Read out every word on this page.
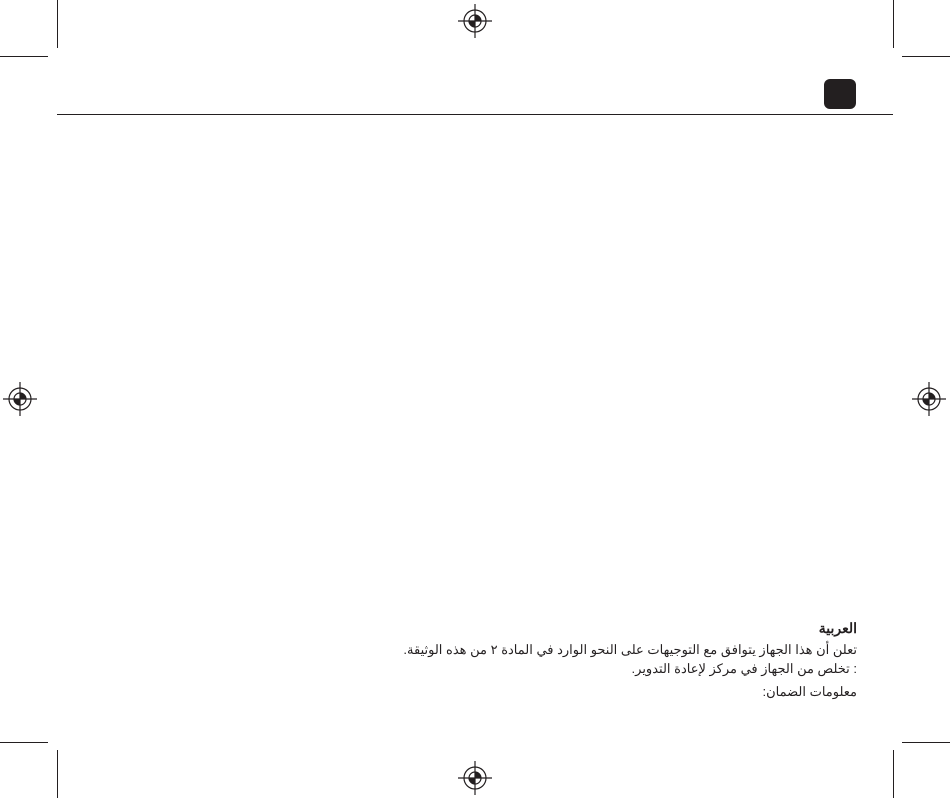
العربية

تعلن أن هذا الجهاز يتوافق مع التوجيهات على النحو الوارد في المادة ٢ من هذه الوثيقة.

: تخلص من الجهاز في مركز لإعادة التدوير.

معلومات الضمان:
